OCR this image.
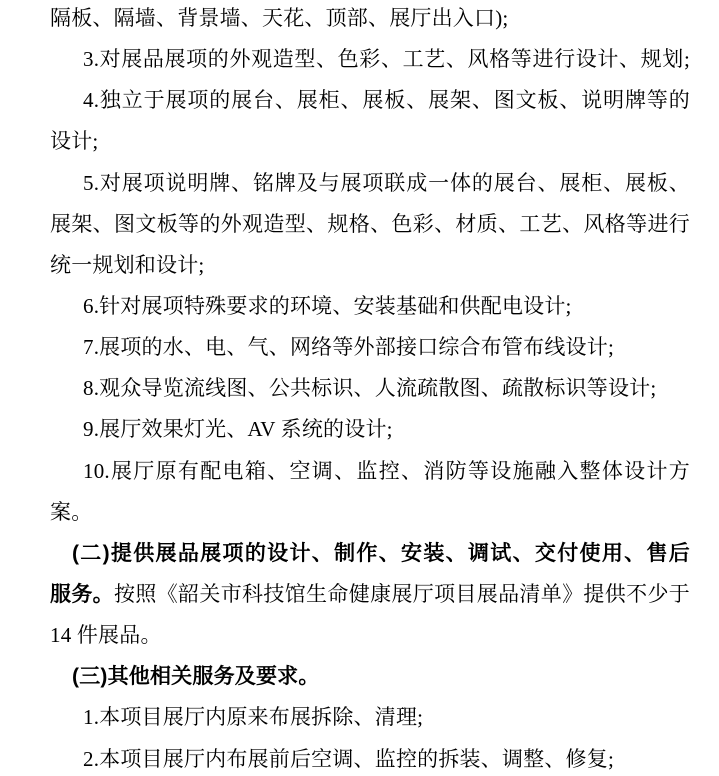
隔板、隔墙、背景墙、天花、顶部、展厅出入口);
3.对展品展项的外观造型、色彩、工艺、风格等进行设计、规划;
4.独立于展项的展台、展柜、展板、展架、图文板、说明牌等的
设计;
5.对展项说明牌、铭牌及与展项联成一体的展台、展柜、展板、
展架、图文板等的外观造型、规格、色彩、材质、工艺、风格等进行
统一规划和设计;
6.针对展项特殊要求的环境、安装基础和供配电设计;
7.展项的水、电、气、网络等外部接口综合布管布线设计;
8.观众导览流线图、公共标识、人流疏散图、疏散标识等设计;
9.展厅效果灯光、AV 系统的设计;
10.展厅原有配电箱、空调、监控、消防等设施融入整体设计方
案。
(二)提供展品展项的设计、制作、安装、调试、交付使用、售后
服务。按照《韶关市科技馆生命健康展厅项目展品清单》提供不少于
14 件展品。
(三)其他相关服务及要求。
1.本项目展厅内原来布展拆除、清理;
2.本项目展厅内布展前后空调、监控的拆装、调整、修复;
